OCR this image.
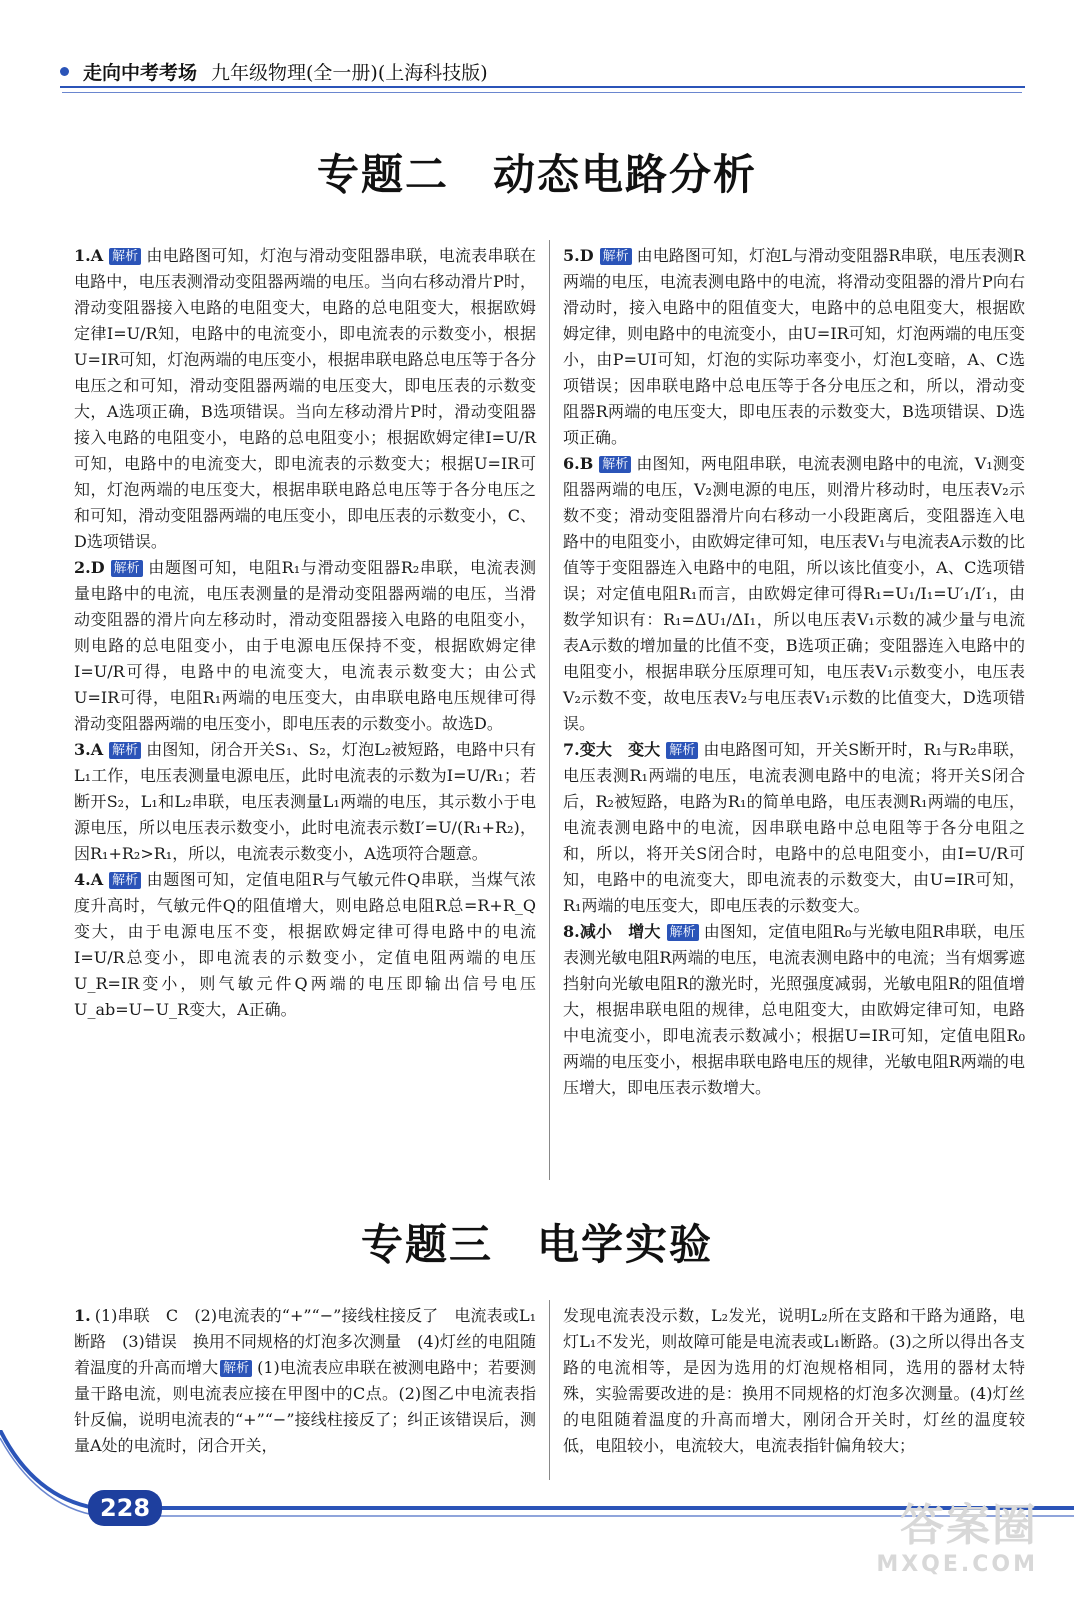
走向中考考场 九年级物理(全一册)(上海科技版)
专题二　动态电路分析

1.A 解析 由电路图可知，灯泡与滑动变阻器串联，电流表串联在电路中，电压表测滑动变阻器两端的电压。当向右移动滑片P时，滑动变阻器接入电路的电阻变大，电路的总电阻变大，根据欧姆定律I=U/R知，电路中的电流变小，即电流表的示数变小，根据U=IR可知，灯泡两端的电压变小，根据串联电路总电压等于各分电压之和可知，滑动变阻器两端的电压变大，即电压表的示数变大，A选项正确，B选项错误。当向左移动滑片P时，滑动变阻器接入电路的电阻变小，电路的总电阻变小；根据欧姆定律I=U/R可知，电路中的电流变大，即电流表的示数变大；根据U=IR可知，灯泡两端的电压变大，根据串联电路总电压等于各分电压之和可知，滑动变阻器两端的电压变小，即电压表的示数变小，C、D选项错误。

2.D 解析 由题图可知，电阻R₁与滑动变阻器R₂串联，电流表测量电路中的电流，电压表测量的是滑动变阻器两端的电压，当滑动变阻器的滑片向左移动时，滑动变阻器接入电路的电阻变小，则电路的总电阻变小，由于电源电压保持不变，根据欧姆定律I=U/R可得，电路中的电流变大，电流表示数变大；由公式U=IR可得，电阻R₁两端的电压变大，由串联电路电压规律可得滑动变阻器两端的电压变小，即电压表的示数变小。故选D。

3.A 解析 由图知，闭合开关S₁、S₂，灯泡L₂被短路，电路中只有L₁工作，电压表测量电源电压，此时电流表的示数为I=U/R₁；若断开S₂，L₁和L₂串联，电压表测量L₁两端的电压，其示数小于电源电压，所以电压表示数变小，此时电流表示数I′=U/(R₁+R₂)，因R₁+R₂>R₁，所以，电流表示数变小，A选项符合题意。

4.A 解析 由题图可知，定值电阻R与气敏元件Q串联，当煤气浓度升高时，气敏元件Q的阻值增大，则电路总电阻R总=R+R_Q变大，由于电源电压不变，根据欧姆定律可得电路中的电流I=U/R总变小，即电流表的示数变小，定值电阻两端的电压U_R=IR变小，则气敏元件Q两端的电压即输出信号电压U_ab=U−U_R变大，A正确。

5.D 解析 由电路图可知，灯泡L与滑动变阻器R串联，电压表测R两端的电压，电流表测电路中的电流，将滑动变阻器的滑片P向右滑动时，接入电路中的阻值变大，电路中的总电阻变大，根据欧姆定律，则电路中的电流变小，由U=IR可知，灯泡两端的电压变小，由P=UI可知，灯泡的实际功率变小，灯泡L变暗，A、C选项错误；因串联电路中总电压等于各分电压之和，所以，滑动变阻器R两端的电压变大，即电压表的示数变大，B选项错误、D选项正确。

6.B 解析 由图知，两电阻串联，电流表测电路中的电流，V₁测变阻器两端的电压，V₂测电源的电压，则滑片移动时，电压表V₂示数不变；滑动变阻器滑片向右移动一小段距离后，变阻器连入电路中的电阻变小，由欧姆定律可知，电压表V₁与电流表A示数的比值等于变阻器连入电路中的电阻，所以该比值变小，A、C选项错误；对定值电阻R₁而言，由欧姆定律可得R₁=U₁/I₁=U′₁/I′₁，由数学知识有：R₁=ΔU₁/ΔI₁，所以电压表V₁示数的减少量与电流表A示数的增加量的比值不变，B选项正确；变阻器连入电路中的电阻变小，根据串联分压原理可知，电压表V₁示数变小，电压表V₂示数不变，故电压表V₂与电压表V₁示数的比值变大，D选项错误。

7.变大　变大 解析 由电路图可知，开关S断开时，R₁与R₂串联，电压表测R₁两端的电压，电流表测电路中的电流；将开关S闭合后，R₂被短路，电路为R₁的简单电路，电压表测R₁两端的电压，电流表测电路中的电流，因串联电路中总电阻等于各分电阻之和，所以，将开关S闭合时，电路中的总电阻变小，由I=U/R可知，电路中的电流变大，即电流表的示数变大，由U=IR可知，R₁两端的电压变大，即电压表的示数变大。

8.减小　增大 解析 由图知，定值电阻R₀与光敏电阻R串联，电压表测光敏电阻R两端的电压，电流表测电路中的电流；当有烟雾遮挡射向光敏电阻R的激光时，光照强度减弱，光敏电阻R的阻值增大，根据串联电阻的规律，总电阻变大，由欧姆定律可知，电路中电流变小，即电流表示数减小；根据U=IR可知，定值电阻R₀两端的电压变小，根据串联电路电压的规律，光敏电阻R两端的电压增大，即电压表示数增大。

专题三　电学实验

1. (1)串联　C　(2)电流表的“+”“−”接线柱接反了　电流表或L₁断路　(3)错误　换用不同规格的灯泡多次测量　(4)灯丝的电阻随着温度的升高而增大 解析 (1)电流表应串联在被测电路中；若要测量干路电流，则电流表应接在甲图中的C点。(2)图乙中电流表指针反偏，说明电流表的“+”“−”接线柱接反了；纠正该错误后，测量A处的电流时，闭合开关，

发现电流表没示数，L₂发光，说明L₂所在支路和干路为通路，电灯L₁不发光，则故障可能是电流表或L₁断路。(3)之所以得出各支路的电流相等，是因为选用的灯泡规格相同，选用的器材太特殊，实验需要改进的是：换用不同规格的灯泡多次测量。(4)灯丝的电阻随着温度的升高而增大，刚闭合开关时，灯丝的温度较低，电阻较小，电流较大，电流表指针偏角较大；

228	答案圈
MXQE.COM
